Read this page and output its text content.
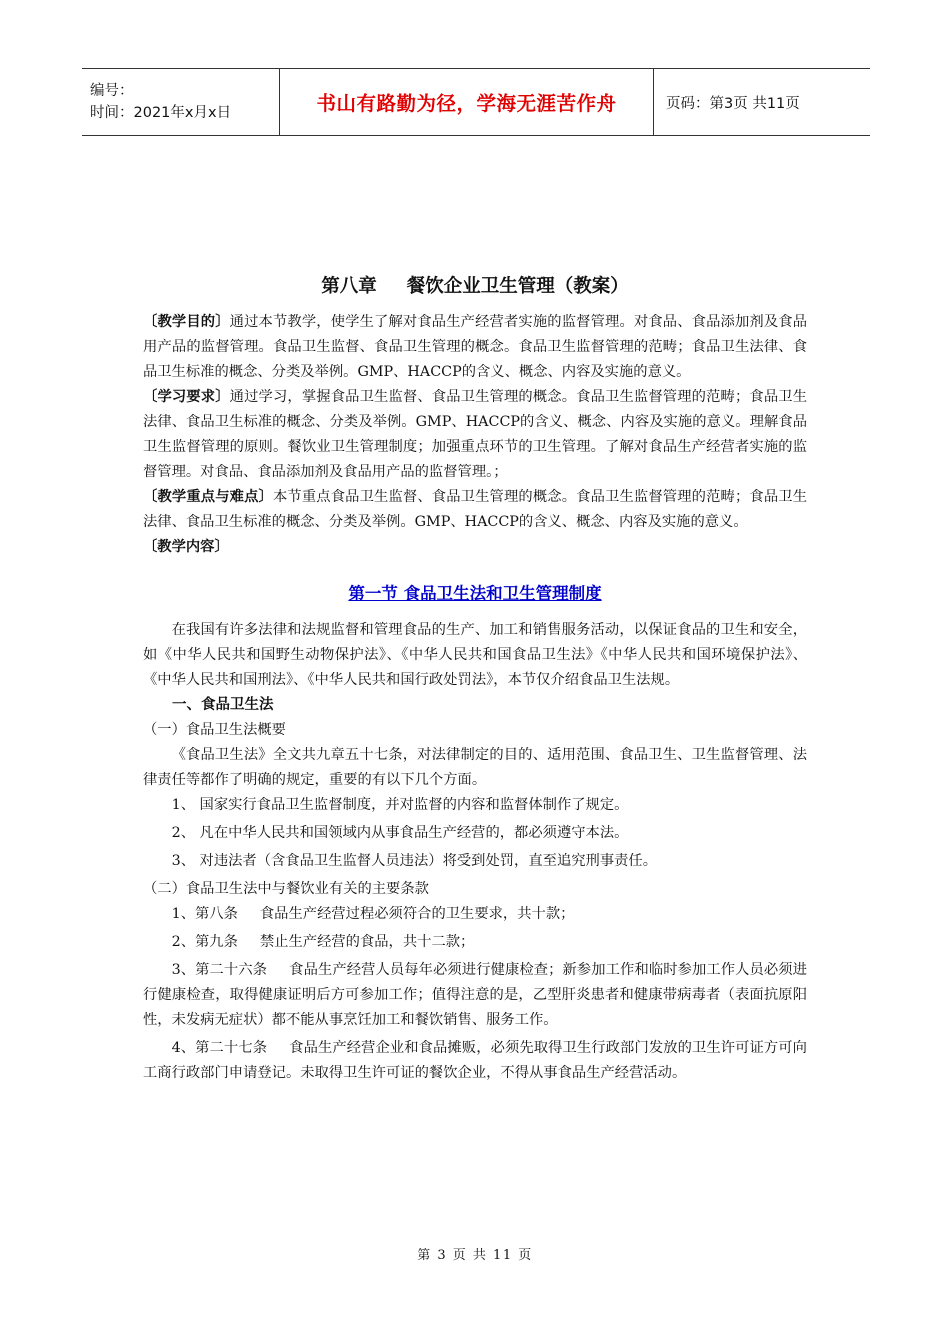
编号：
时间：2021年x月x日	书山有路勤为径，学海无涯苦作舟	页码：第3页 共11页
第八章 餐饮企业卫生管理（教案）

〔教学目的〕通过本节教学，使学生了解对食品生产经营者实施的监督管理。对食品、食品添加剂及食品用产品的监督管理。食品卫生监督、食品卫生管理的概念。食品卫生监督管理的范畴；食品卫生法律、食品卫生标准的概念、分类及举例。GMP、HACCP的含义、概念、内容及实施的意义。

〔学习要求〕通过学习，掌握食品卫生监督、食品卫生管理的概念。食品卫生监督管理的范畴；食品卫生法律、食品卫生标准的概念、分类及举例。GMP、HACCP的含义、概念、内容及实施的意义。理解食品卫生监督管理的原则。餐饮业卫生管理制度；加强重点环节的卫生管理。了解对食品生产经营者实施的监督管理。对食品、食品添加剂及食品用产品的监督管理。；

〔教学重点与难点〕本节重点食品卫生监督、食品卫生管理的概念。食品卫生监督管理的范畴；食品卫生法律、食品卫生标准的概念、分类及举例。GMP、HACCP的含义、概念、内容及实施的意义。

〔教学内容〕

第一节 食品卫生法和卫生管理制度

在我国有许多法律和法规监督和管理食品的生产、加工和销售服务活动，以保证食品的卫生和安全，如《中华人民共和国野生动物保护法》、《中华人民共和国食品卫生法》《中华人民共和国环境保护法》、《中华人民共和国刑法》、《中华人民共和国行政处罚法》，本节仅介绍食品卫生法规。

一、食品卫生法

（一）食品卫生法概要

《食品卫生法》全文共九章五十七条，对法律制定的目的、适用范围、食品卫生、卫生监督管理、法律责任等都作了明确的规定，重要的有以下几个方面。

1、 国家实行食品卫生监督制度，并对监督的内容和监督体制作了规定。

2、 凡在中华人民共和国领域内从事食品生产经营的，都必须遵守本法。

3、 对违法者（含食品卫生监督人员违法）将受到处罚，直至追究刑事责任。

（二）食品卫生法中与餐饮业有关的主要条款

1、第八条 食品生产经营过程必须符合的卫生要求，共十款；

2、第九条 禁止生产经营的食品，共十二款；

3、第二十六条 食品生产经营人员每年必须进行健康检查；新参加工作和临时参加工作人员必须进行健康检查，取得健康证明后方可参加工作；值得注意的是，乙型肝炎患者和健康带病毒者（表面抗原阳性，未发病无症状）都不能从事烹饪加工和餐饮销售、服务工作。

4、第二十七条 食品生产经营企业和食品摊贩，必须先取得卫生行政部门发放的卫生许可证方可向工商行政部门申请登记。未取得卫生许可证的餐饮企业，不得从事食品生产经营活动。

第 3 页 共 11 页
